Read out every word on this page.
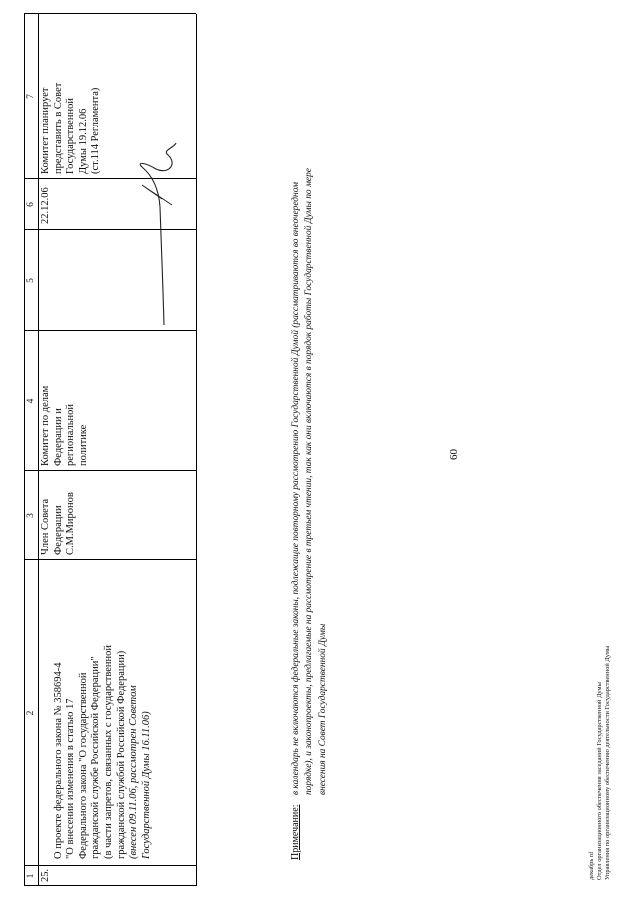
60
1
2
3
4
5
6
7
25.

О проекте федерального закона № 358694-4
"О внесении изменения в статью 17
Федерального закона "О государственной
гражданской службе Российской Федерации"
(в части запретов, связанных с государственной
гражданской службой Российской Федерации)

(внесен 09.11.06, рассмотрен Советом
Государственной Думы 16.11.06)

Член Совета
Федерации
С.М.Миронов
Комитет по делам
Федерации и
региональной
политике
22.12.06
Комитет планирует
представить в Совет
Государственной
Думы 19.12.06
(ст.114 Регламента)
Примечание:
в календарь не включаются федеральные законы, подлежащие повторному рассмотрению Государственной Думой (рассматриваются во внеочередном порядке), и законопроекты, предлагаемые на рассмотрение в третьем чтении, так как они включаются в порядок работы Государственной Думы по мере внесения на Совет Государственной Думы
декабрь nf Отдел организационного обеспечения заседаний Государственной Думы Управления по организационному обеспечению деятельности Государственной Думы
